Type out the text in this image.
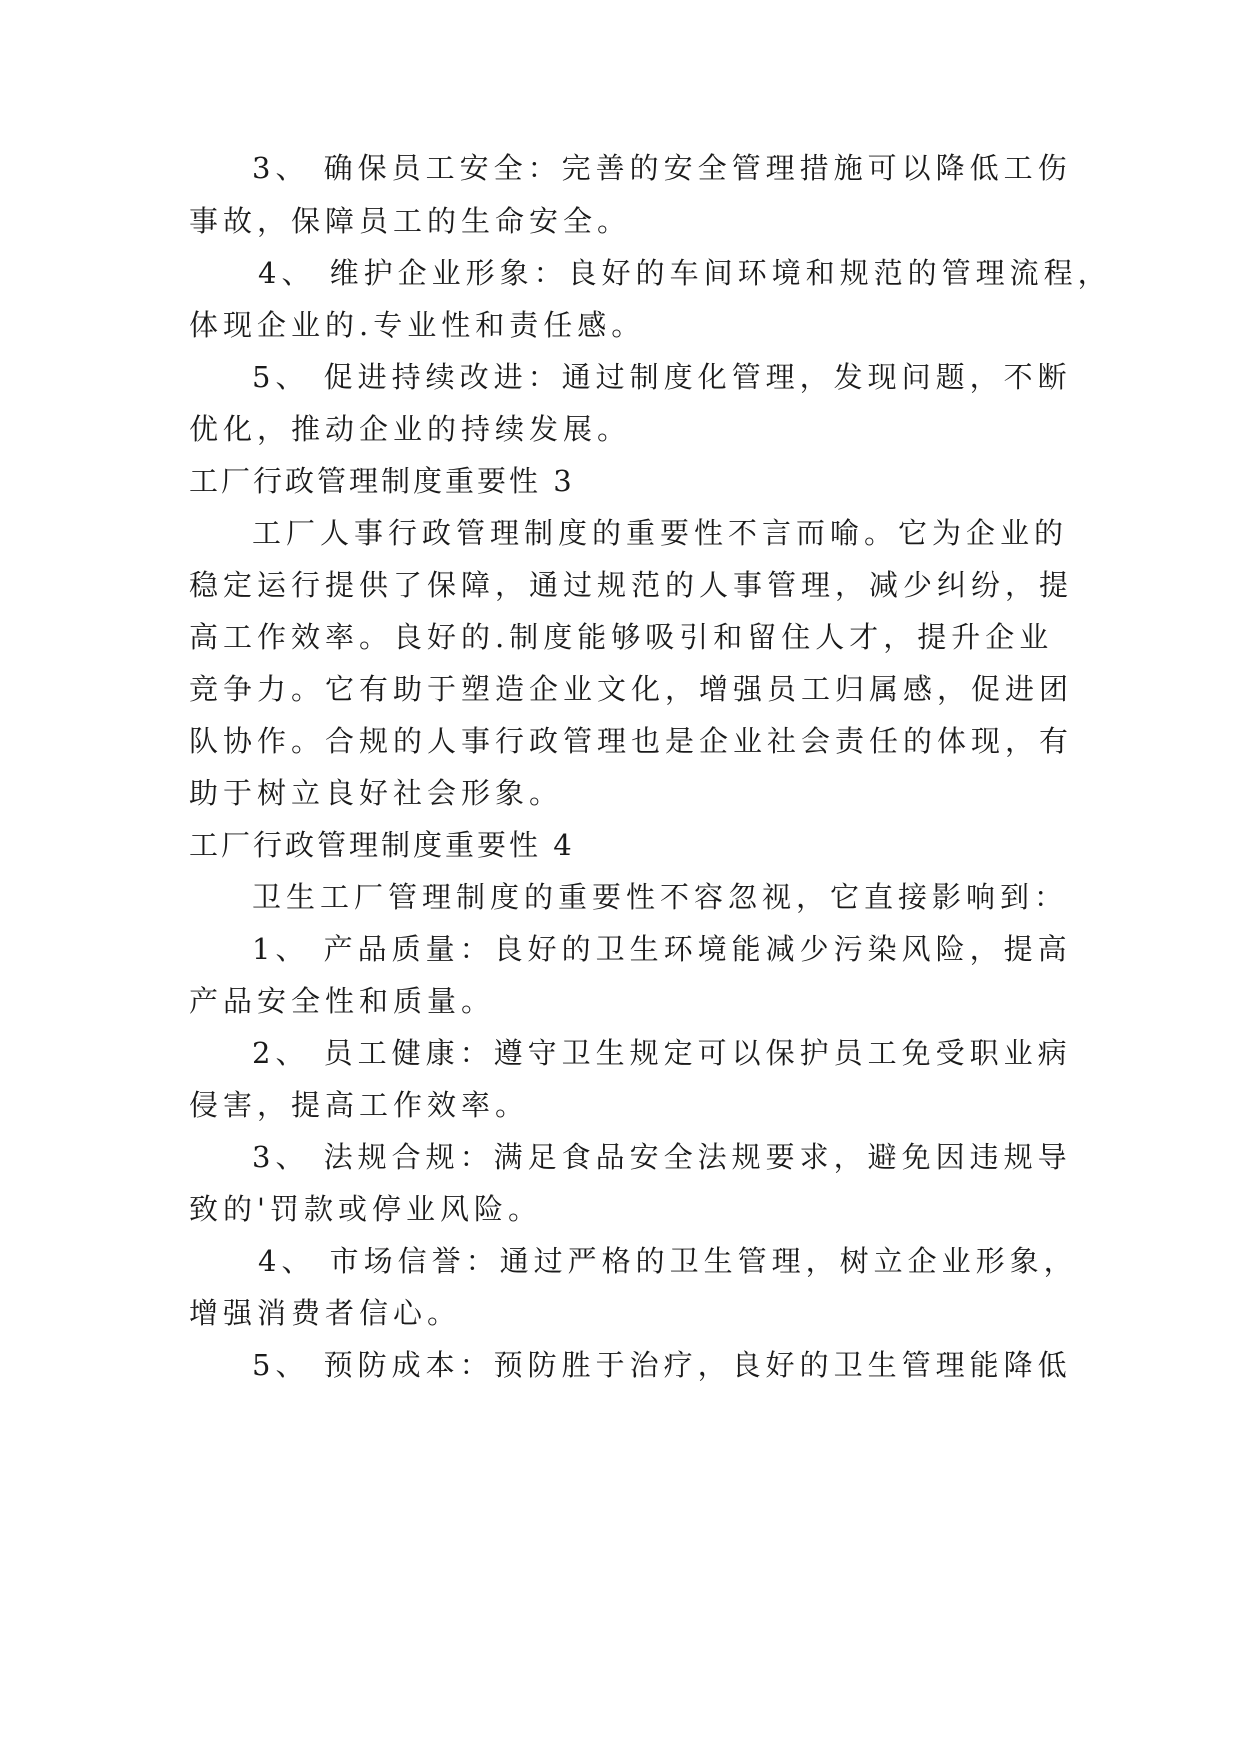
3、 确保员工安全：完善的安全管理措施可以降低工伤
事故，保障员工的生命安全。
4、 维护企业形象：良好的车间环境和规范的管理流程，
体现企业的.专业性和责任感。
5、 促进持续改进：通过制度化管理，发现问题，不断
优化，推动企业的持续发展。
工厂行政管理制度重要性 3
工厂人事行政管理制度的重要性不言而喻。它为企业的
稳定运行提供了保障，通过规范的人事管理，减少纠纷，提
高工作效率。良好的.制度能够吸引和留住人才，提升企业
竞争力。它有助于塑造企业文化，增强员工归属感，促进团
队协作。合规的人事行政管理也是企业社会责任的体现，有
助于树立良好社会形象。
工厂行政管理制度重要性 4
卫生工厂管理制度的重要性不容忽视，它直接影响到：
1、 产品质量：良好的卫生环境能减少污染风险，提高
产品安全性和质量。
2、 员工健康：遵守卫生规定可以保护员工免受职业病
侵害，提高工作效率。
3、 法规合规：满足食品安全法规要求，避免因违规导
致的'罚款或停业风险。
4、 市场信誉：通过严格的卫生管理，树立企业形象，
增强消费者信心。
5、 预防成本：预防胜于治疗，良好的卫生管理能降低
